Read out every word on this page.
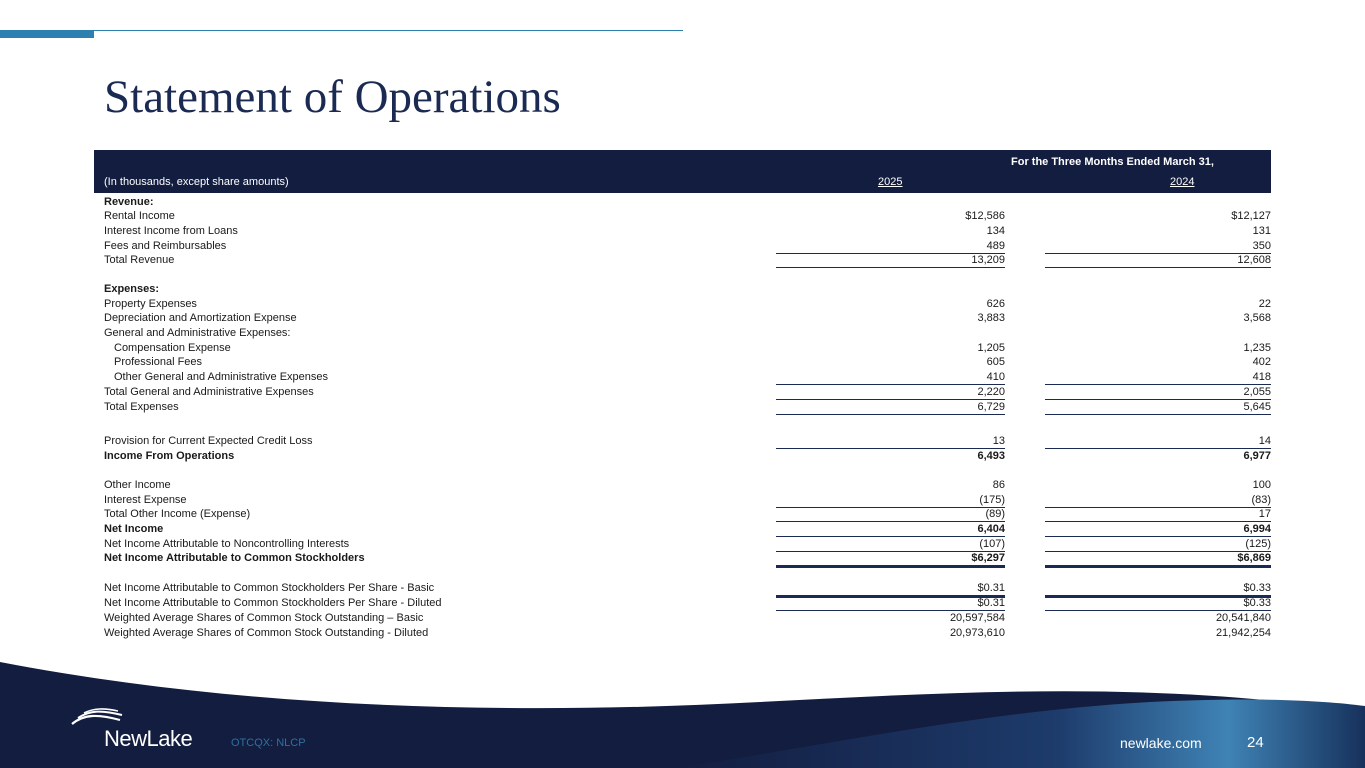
Statement of Operations
For the Three Months Ended March 31,
(In thousands, except share amounts)	2025	2024
Revenue:
Rental Income	$12,586	$12,127
Interest Income from Loans	134	131
Fees and Reimbursables	489	350
Total Revenue	13,209	12,608
Expenses:
Property Expenses	626	22
Depreciation and Amortization Expense	3,883	3,568
General and Administrative Expenses:
Compensation Expense	1,205	1,235
Professional Fees	605	402
Other General and Administrative Expenses	410	418
Total General and Administrative Expenses	2,220	2,055
Total Expenses	6,729	5,645
Provision for Current Expected Credit Loss	13	14
Income From Operations	6,493	6,977
Other Income	86	100
Interest Expense	(175)	(83)
Total Other Income (Expense)	(89)	17
Net Income	6,404	6,994
Net Income Attributable to Noncontrolling Interests	(107)	(125)
Net Income Attributable to Common Stockholders	$6,297	$6,869
Net Income Attributable to Common Stockholders Per Share - Basic	$0.31	$0.33
Net Income Attributable to Common Stockholders Per Share - Diluted	$0.31	$0.33
Weighted Average Shares of Common Stock Outstanding – Basic	20,597,584	20,541,840
Weighted Average Shares of Common Stock Outstanding - Diluted	20,973,610	21,942,254
NewLake	OTCQX: NLCP	newlake.com	24
